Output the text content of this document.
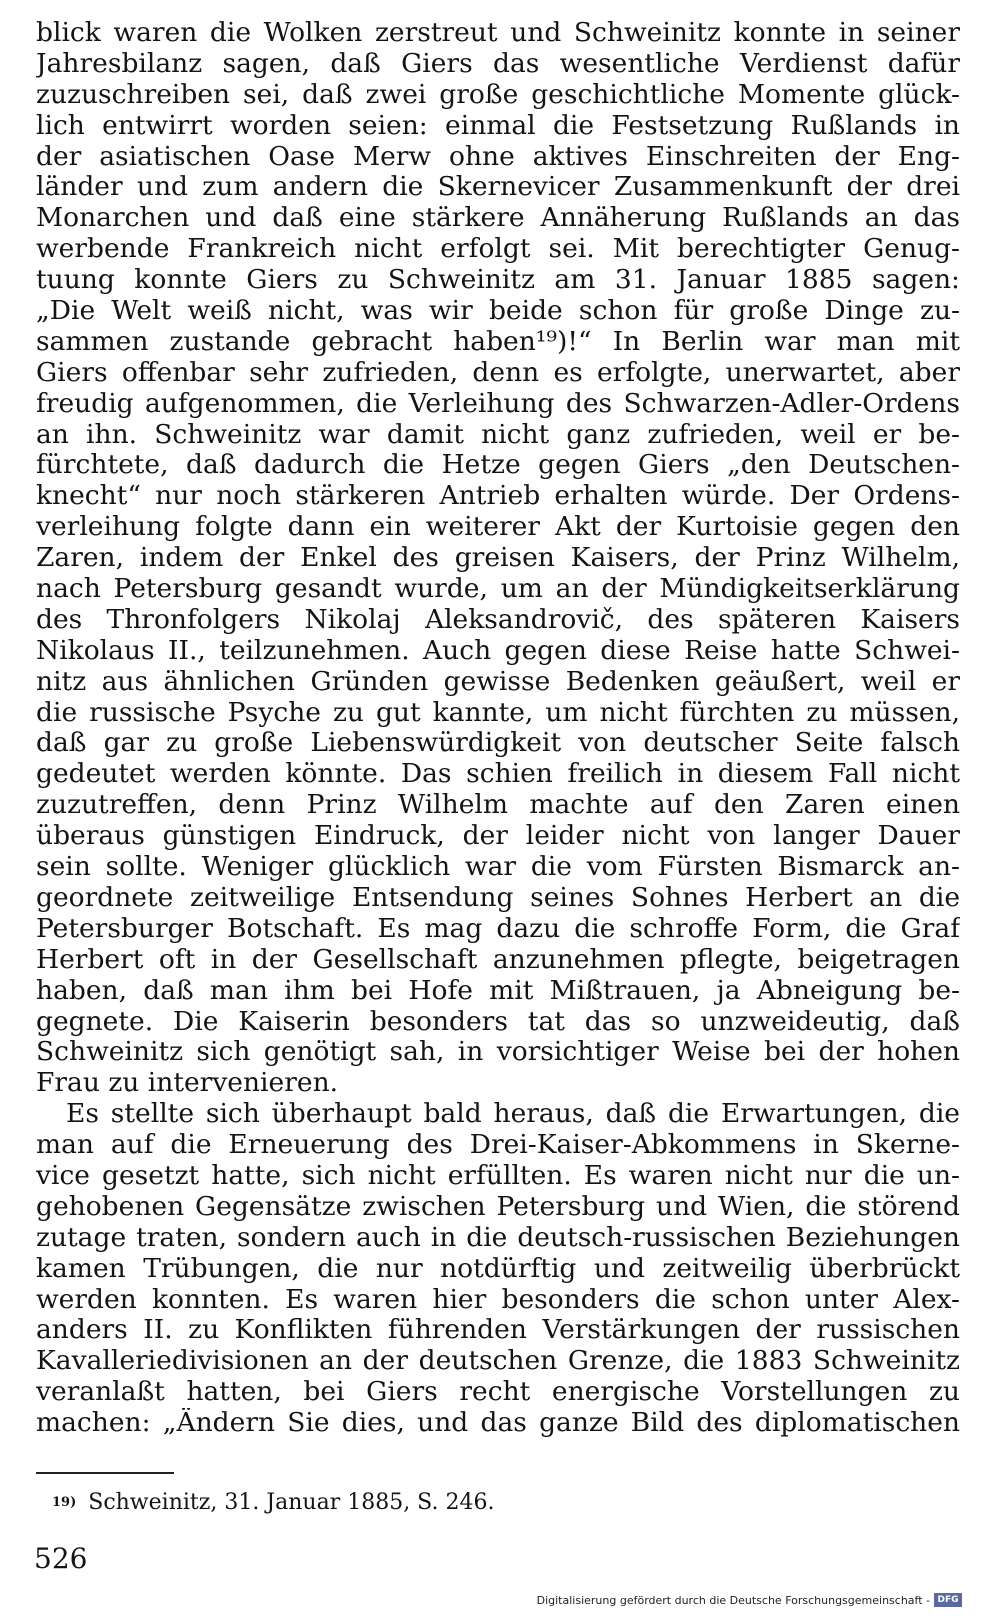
blick waren die Wolken zerstreut und Schweinitz konnte in seiner
Jahresbilanz sagen, daß Giers das wesentliche Verdienst dafür
zuzuschreiben sei, daß zwei große geschichtliche Momente glück-
lich entwirrt worden seien: einmal die Festsetzung Rußlands in
der asiatischen Oase Merw ohne aktives Einschreiten der Eng-
länder und zum andern die Skernevicer Zusammenkunft der drei
Monarchen und daß eine stärkere Annäherung Rußlands an das
werbende Frankreich nicht erfolgt sei. Mit berechtigter Genug-
tuung konnte Giers zu Schweinitz am 31. Januar 1885 sagen:
„Die Welt weiß nicht, was wir beide schon für große Dinge zu-
sammen zustande gebracht haben¹⁹)!“ In Berlin war man mit
Giers offenbar sehr zufrieden, denn es erfolgte, unerwartet, aber
freudig aufgenommen, die Verleihung des Schwarzen-Adler-Ordens
an ihn. Schweinitz war damit nicht ganz zufrieden, weil er be-
fürchtete, daß dadurch die Hetze gegen Giers „den Deutschen-
knecht“ nur noch stärkeren Antrieb erhalten würde. Der Ordens-
verleihung folgte dann ein weiterer Akt der Kurtoisie gegen den
Zaren, indem der Enkel des greisen Kaisers, der Prinz Wilhelm,
nach Petersburg gesandt wurde, um an der Mündigkeitserklärung
des Thronfolgers Nikolaj Aleksandrovič, des späteren Kaisers
Nikolaus II., teilzunehmen. Auch gegen diese Reise hatte Schwei-
nitz aus ähnlichen Gründen gewisse Bedenken geäußert, weil er
die russische Psyche zu gut kannte, um nicht fürchten zu müssen,
daß gar zu große Liebenswürdigkeit von deutscher Seite falsch
gedeutet werden könnte. Das schien freilich in diesem Fall nicht
zuzutreffen, denn Prinz Wilhelm machte auf den Zaren einen
überaus günstigen Eindruck, der leider nicht von langer Dauer
sein sollte. Weniger glücklich war die vom Fürsten Bismarck an-
geordnete zeitweilige Entsendung seines Sohnes Herbert an die
Petersburger Botschaft. Es mag dazu die schroffe Form, die Graf
Herbert oft in der Gesellschaft anzunehmen pflegte, beigetragen
haben, daß man ihm bei Hofe mit Mißtrauen, ja Abneigung be-
gegnete. Die Kaiserin besonders tat das so unzweideutig, daß
Schweinitz sich genötigt sah, in vorsichtiger Weise bei der hohen
Frau zu intervenieren.
Es stellte sich überhaupt bald heraus, daß die Erwartungen, die
man auf die Erneuerung des Drei-Kaiser-Abkommens in Skerne-
vice gesetzt hatte, sich nicht erfüllten. Es waren nicht nur die un-
gehobenen Gegensätze zwischen Petersburg und Wien, die störend
zutage traten, sondern auch in die deutsch-russischen Beziehungen
kamen Trübungen, die nur notdürftig und zeitweilig überbrückt
werden konnten. Es waren hier besonders die schon unter Alex-
anders II. zu Konflikten führenden Verstärkungen der russischen
Kavalleriedivisionen an der deutschen Grenze, die 1883 Schweinitz
veranlaßt hatten, bei Giers recht energische Vorstellungen zu
machen: „Ändern Sie dies, und das ganze Bild des diplomatischen
$^{19)}$ Schweinitz, 31. Januar 1885, S. 246.
526
Digitalisierung gefördert durch die Deutsche Forschungsgemeinschaft - DFG
